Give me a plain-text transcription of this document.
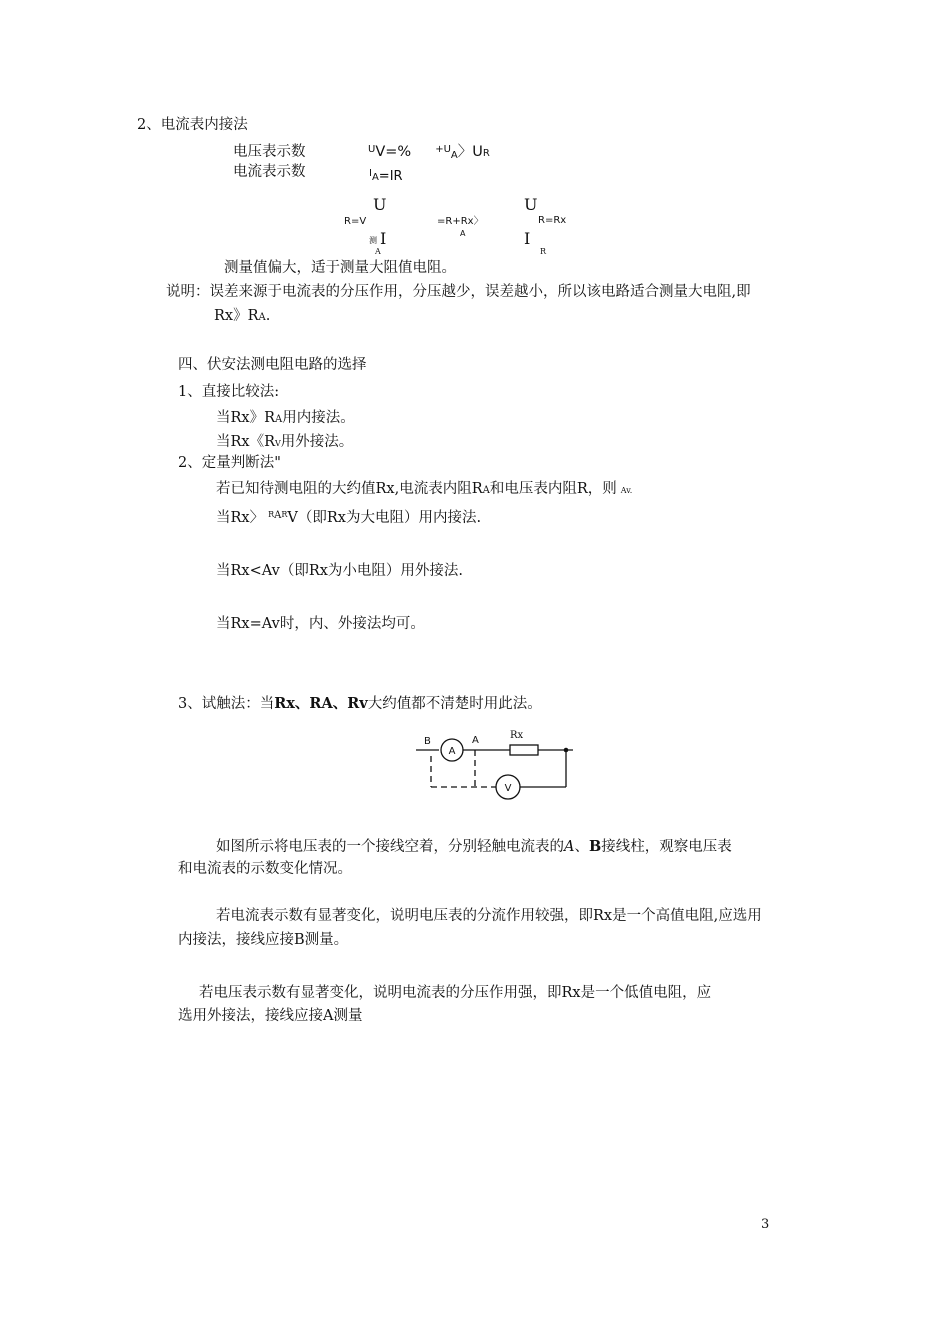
2、电流表内接法
电压表示数	$^U$V=% $^{+U}$A〉UR
电流表示数	$^I$A=IR
U
R=V
测 I
A
=R+Rx〉
A
U
R=Rx
I
R
测量值偏大，适于测量大阻值电阻。
说明：误差来源于电流表的分压作用，分压越少，误差越小，所以该电路适合测量大电阻,即
Rx》RA.
四、伏安法测电阻电路的选择
1、直接比较法:
当Rx》RA用内接法。
当Rx《RV用外接法。
2、定量判断法"
若已知待测电阻的大约值Rx,电流表内阻RA和电压表内阻R，则 Av.
当Rx〉 $^{RAR}$V（即Rx为大电阻）用内接法.
当Rx<Av（即Rx为小电阻）用外接法.
当Rx=Av时，内、外接法均可。
3、试触法：当Rx、RA、Rv大约值都不清楚时用此法。
B	A
A
Rx
V
如图所示将电压表的一个接线空着，分别轻触电流表的A、B接线柱，观察电压表
和电流表的示数变化情况。
若电流表示数有显著变化，说明电压表的分流作用较强，即Rx是一个高值电阻,应选用
内接法，接线应接B测量。
若电压表示数有显著变化，说明电流表的分压作用强，即Rx是一个低值电阻，应
选用外接法，接线应接A测量
3
